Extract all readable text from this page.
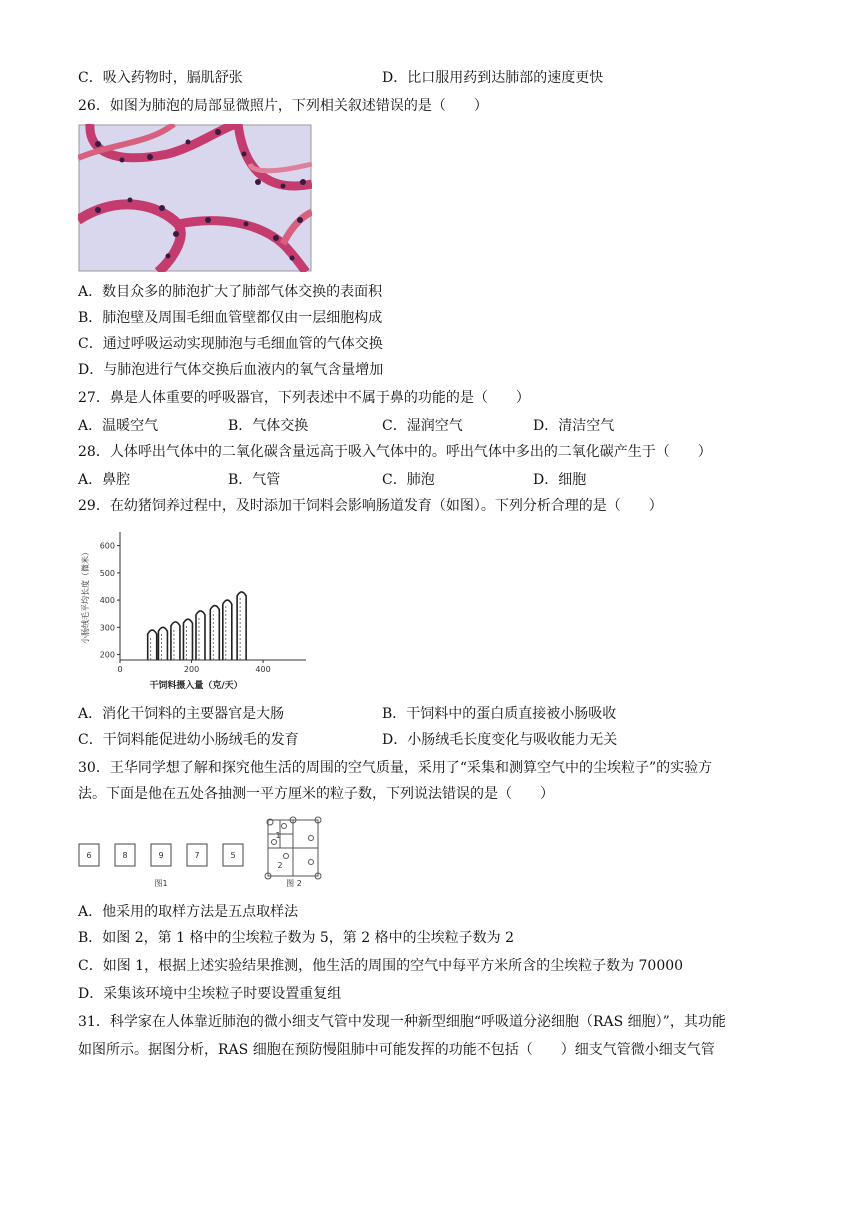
C．吸入药物时，膈肌舒张	D．比口服用药到达肺部的速度更快
26．如图为肺泡的局部显微照片，下列相关叙述错误的是（　　）
A．数目众多的肺泡扩大了肺部气体交换的表面积
B．肺泡壁及周围毛细血管壁都仅由一层细胞构成
C．通过呼吸运动实现肺泡与毛细血管的气体交换
D．与肺泡进行气体交换后血液内的氧气含量增加
27．鼻是人体重要的呼吸器官，下列表述中不属于鼻的功能的是（　　）
A．温暖空气	B．气体交换	C．湿润空气	D．清洁空气
28．人体呼出气体中的二氧化碳含量远高于吸入气体中的。呼出气体中多出的二氧化碳产生于（　　）
A．鼻腔	B．气管	C．肺泡	D．细胞
29．在幼猪饲养过程中，及时添加干饲料会影响肠道发育（如图）。下列分析合理的是（　　）
200
300
400
500
600
0	200	400
干饲料摄入量（克/天）
小肠绒毛平均长度（微米）
A．消化干饲料的主要器官是大肠	B．干饲料中的蛋白质直接被小肠吸收
C．干饲料能促进幼小肠绒毛的发育	D．小肠绒毛长度变化与吸收能力无关
30．王华同学想了解和探究他生活的周围的空气质量，采用了“采集和测算空气中的尘埃粒子”的实验方
法。下面是他在五处各抽测一平方厘米的粒子数，下列说法错误的是（　　）
6	8	9	7	5
图1
1
2
图 2
A．他采用的取样方法是五点取样法
B．如图 2，第 1 格中的尘埃粒子数为 5，第 2 格中的尘埃粒子数为 2
C．如图 1，根据上述实验结果推测，他生活的周围的空气中每平方米所含的尘埃粒子数为 70000
D．采集该环境中尘埃粒子时要设置重复组
31．科学家在人体靠近肺泡的微小细支气管中发现一种新型细胞“呼吸道分泌细胞（RAS 细胞）”，其功能
如图所示。据图分析，RAS 细胞在预防慢阻肺中可能发挥的功能不包括（　　）细支气管微小细支气管
